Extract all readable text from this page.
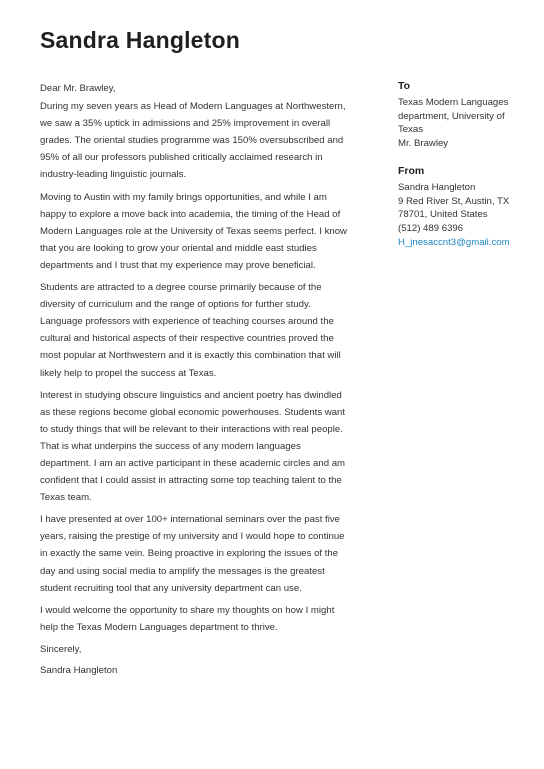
Sandra Hangleton

Dear Mr. Brawley,

During my seven years as Head of Modern Languages at Northwestern, we saw a 35% uptick in admissions and 25% improvement in overall grades. The oriental studies programme was 150% oversubscribed and 95% of all our professors published critically acclaimed research in industry-leading linguistic journals.

Moving to Austin with my family brings opportunities, and while I am happy to explore a move back into academia, the timing of the Head of Modern Languages role at the University of Texas seems perfect. I know that you are looking to grow your oriental and middle east studies departments and I trust that my experience may prove beneficial.

Students are attracted to a degree course primarily because of the diversity of curriculum and the range of options for further study. Language professors with experience of teaching courses around the cultural and historical aspects of their respective countries proved the most popular at Northwestern and it is exactly this combination that will likely help to propel the success at Texas.

Interest in studying obscure linguistics and ancient poetry has dwindled as these regions become global economic powerhouses. Students want to study things that will be relevant to their interactions with real people. That is what underpins the success of any modern languages department. I am an active participant in these academic circles and am confident that I could assist in attracting some top teaching talent to the Texas team.

I have presented at over 100+ international seminars over the past five years, raising the prestige of my university and I would hope to continue in exactly the same vein. Being proactive in exploring the issues of the day and using social media to amplify the messages is the greatest student recruiting tool that any university department can use.

I would welcome the opportunity to share my thoughts on how I might help the Texas Modern Languages department to thrive.

Sincerely,

Sandra Hangleton

To
Texas Modern Languages department, University of Texas
Mr. Brawley
From
Sandra Hangleton
9 Red River St, Austin, TX
78701, United States
(512) 489 6396
H_jnesaccnt3@gmail.com
